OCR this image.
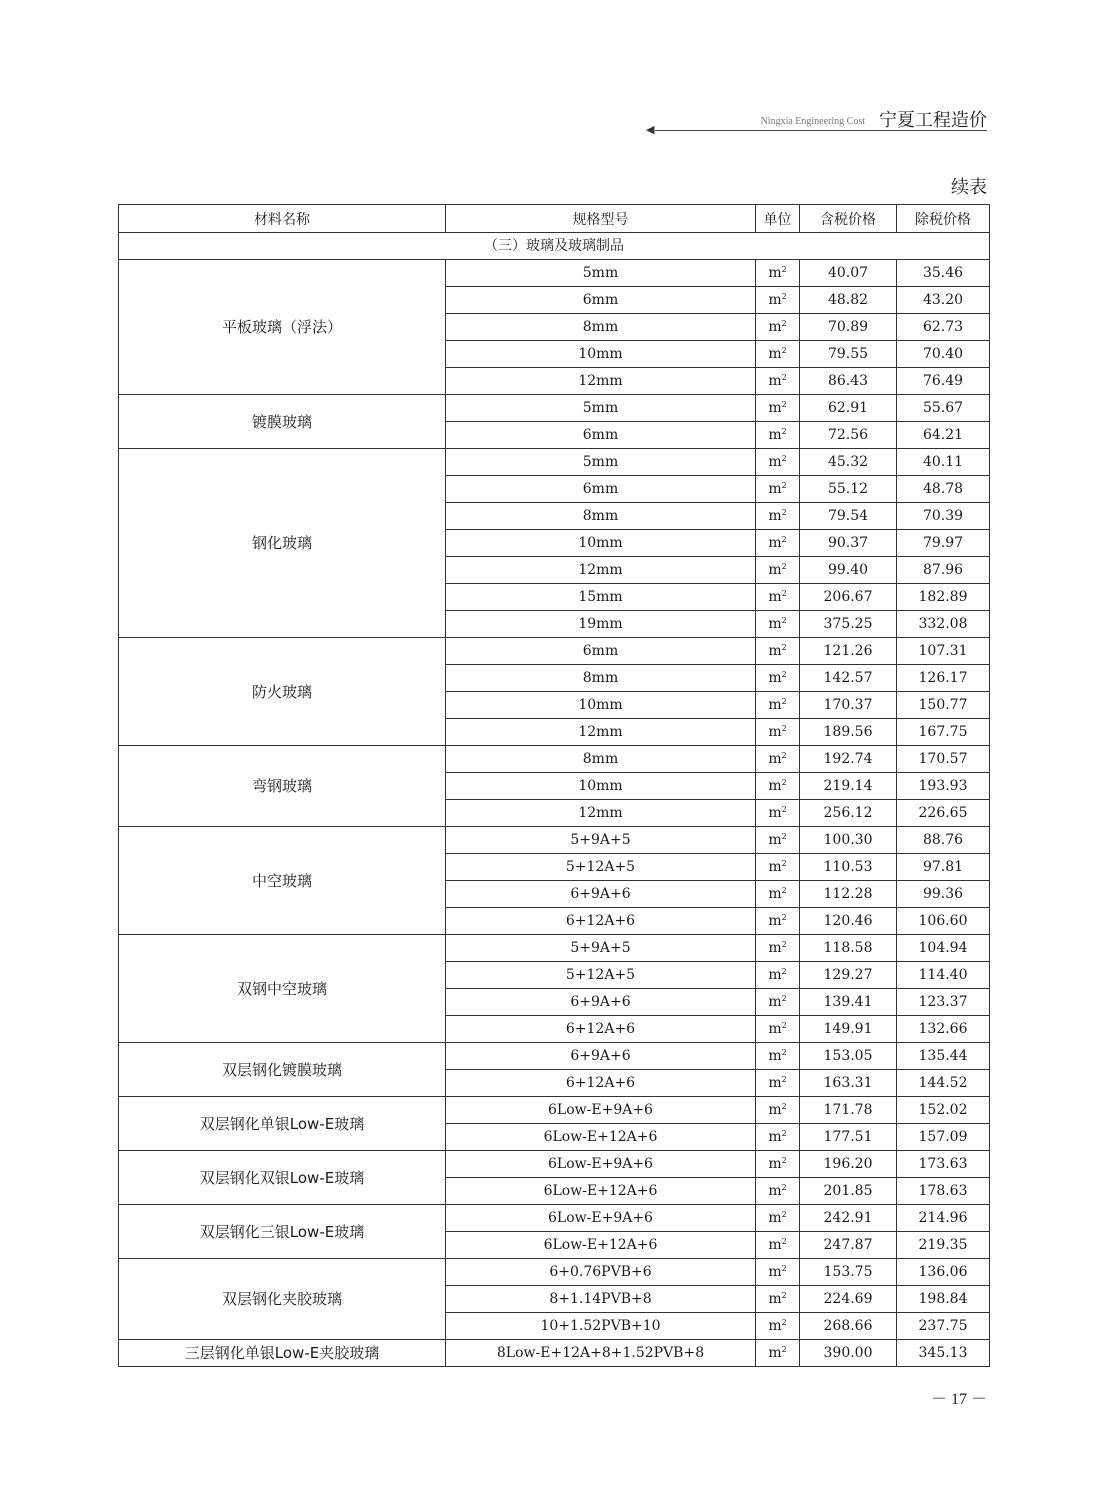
◀
Ningxia Engineering Cost 宁夏工程造价
续表
材料名称	规格型号	单位	含税价格	除税价格
（三）玻璃及玻璃制品				
平板玻璃（浮法）	5mm	$m^2$	40.07	35.46
	6mm	$m^2$	48.82	43.20
	8mm	$m^2$	70.89	62.73
	10mm	$m^2$	79.55	70.40
	12mm	$m^2$	86.43	76.49
镀膜玻璃	5mm	$m^2$	62.91	55.67
	6mm	$m^2$	72.56	64.21
钢化玻璃	5mm	$m^2$	45.32	40.11
	6mm	$m^2$	55.12	48.78
	8mm	$m^2$	79.54	70.39
	10mm	$m^2$	90.37	79.97
	12mm	$m^2$	99.40	87.96
	15mm	$m^2$	206.67	182.89
	19mm	$m^2$	375.25	332.08
防火玻璃	6mm	$m^2$	121.26	107.31
	8mm	$m^2$	142.57	126.17
	10mm	$m^2$	170.37	150.77
	12mm	$m^2$	189.56	167.75
弯钢玻璃	8mm	$m^2$	192.74	170.57
	10mm	$m^2$	219.14	193.93
	12mm	$m^2$	256.12	226.65
中空玻璃	5+9A+5	$m^2$	100.30	88.76
	5+12A+5	$m^2$	110.53	97.81
	6+9A+6	$m^2$	112.28	99.36
	6+12A+6	$m^2$	120.46	106.60
双钢中空玻璃	5+9A+5	$m^2$	118.58	104.94
	5+12A+5	$m^2$	129.27	114.40
	6+9A+6	$m^2$	139.41	123.37
	6+12A+6	$m^2$	149.91	132.66
双层钢化镀膜玻璃	6+9A+6	$m^2$	153.05	135.44
	6+12A+6	$m^2$	163.31	144.52
双层钢化单银Low-E玻璃	6Low-E+9A+6	$m^2$	171.78	152.02
	6Low-E+12A+6	$m^2$	177.51	157.09
双层钢化双银Low-E玻璃	6Low-E+9A+6	$m^2$	196.20	173.63
	6Low-E+12A+6	$m^2$	201.85	178.63
双层钢化三银Low-E玻璃	6Low-E+9A+6	$m^2$	242.91	214.96
	6Low-E+12A+6	$m^2$	247.87	219.35
双层钢化夹胶玻璃	6+0.76PVB+6	$m^2$	153.75	136.06
	8+1.14PVB+8	$m^2$	224.69	198.84
	10+1.52PVB+10	$m^2$	268.66	237.75
三层钢化单银Low-E夹胶玻璃	8Low-E+12A+8+1.52PVB+8	$m^2$	390.00	345.13
－ 17 －
